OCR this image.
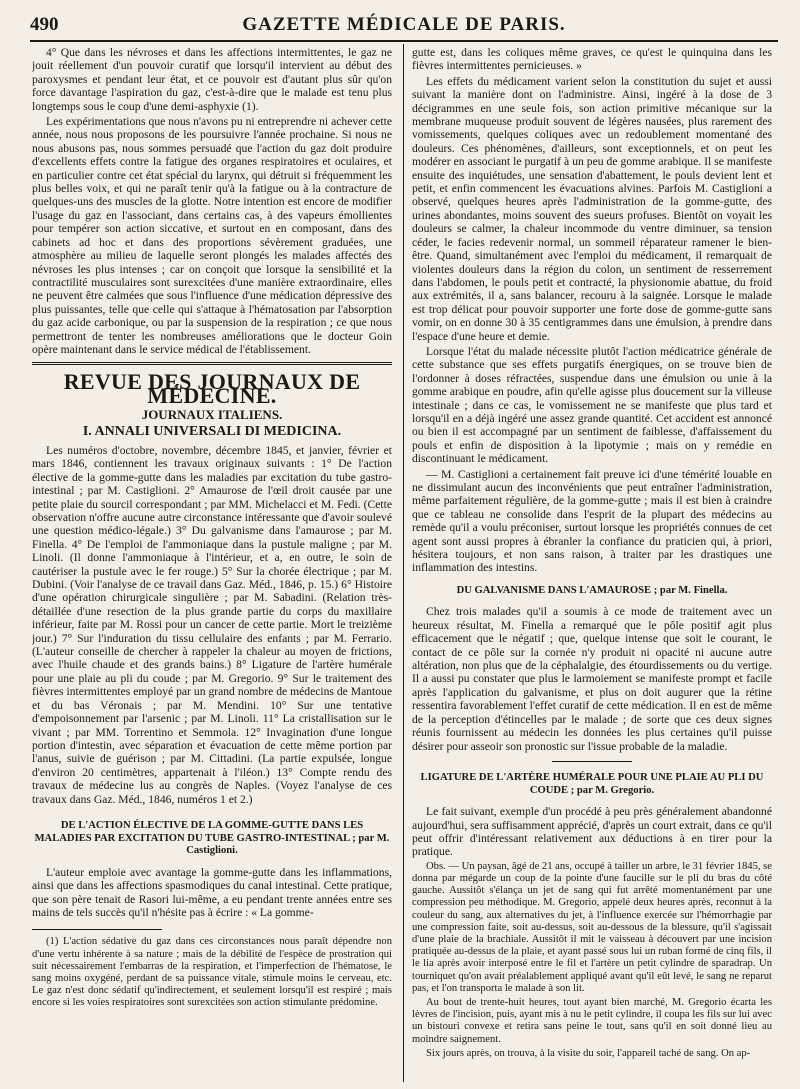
490	GAZETTE MÉDICALE DE PARIS.

4° Que dans les névroses et dans les affections intermittentes, le gaz ne jouit réellement d'un pouvoir curatif que lorsqu'il intervient au début des paroxysmes et pendant leur état, et ce pouvoir est d'autant plus sûr qu'on force davantage l'aspiration du gaz, c'est-à-dire que le malade est tenu plus longtemps sous le coup d'une demi-asphyxie (1).

Les expérimentations que nous n'avons pu ni entreprendre ni achever cette année, nous nous proposons de les poursuivre l'année prochaine. Si nous ne nous abusons pas, nous sommes persuadé que l'action du gaz doit produire d'excellents effets contre la fatigue des organes respiratoires et oculaires, et en particulier contre cet état spécial du larynx, qui détruit si fréquemment les plus belles voix, et qui ne paraît tenir qu'à la fatigue ou à la contracture de quelques-uns des muscles de la glotte. Notre intention est encore de modifier l'usage du gaz en l'associant, dans certains cas, à des vapeurs émollientes pour tempérer son action siccative, et surtout en en composant, dans des cabinets ad hoc et dans des proportions sévèrement graduées, une atmosphère au milieu de laquelle seront plongés les malades affectés des névroses les plus intenses ; car on conçoit que lorsque la sensibilité et la contractilité musculaires sont surexcitées d'une manière extraordinaire, elles ne peuvent être calmées que sous l'influence d'une médication dépressive des plus puissantes, telle que celle qui s'attaque à l'hématosation par l'absorption du gaz acide carbonique, ou par la suspension de la respiration ; ce que nous permettront de tenter les nombreuses améliorations que le docteur Goin opère maintenant dans le service médical de l'établissement.

REVUE DES JOURNAUX DE MÉDECINE.
JOURNAUX ITALIENS.
I. ANNALI UNIVERSALI DI MEDICINA.

Les numéros d'octobre, novembre, décembre 1845, et janvier, février et mars 1846, contiennent les travaux originaux suivants : 1° De l'action élective de la gomme-gutte dans les maladies par excitation du tube gastro-intestinal ; par M. Castiglioni. 2° Amaurose de l'œil droit causée par une petite plaie du sourcil correspondant ; par MM. Michelacci et M. Fedi. (Cette observation n'offre aucune autre circonstance intéressante que d'avoir soulevé une question médico-légale.) 3° Du galvanisme dans l'amaurose ; par M. Finella. 4° De l'emploi de l'ammoniaque dans la pustule maligne ; par M. Linoli. (Il donne l'ammoniaque à l'intérieur, et a, en outre, le soin de cautériser la pustule avec le fer rouge.) 5° Sur la chorée électrique ; par M. Dubini. (Voir l'analyse de ce travail dans Gaz. Méd., 1846, p. 15.) 6° Histoire d'une opération chirurgicale singulière ; par M. Sabadini. (Relation très-détaillée d'une resection de la plus grande partie du corps du maxillaire inférieur, faite par M. Rossi pour un cancer de cette partie. Mort le treizième jour.) 7° Sur l'induration du tissu cellulaire des enfants ; par M. Ferrario. (L'auteur conseille de chercher à rappeler la chaleur au moyen de frictions, avec l'huile chaude et des grands bains.) 8° Ligature de l'artère humérale pour une plaie au pli du coude ; par M. Gregorio. 9° Sur le traitement des fièvres intermittentes employé par un grand nombre de médecins de Mantoue et du bas Véronais ; par M. Mendini. 10° Sur une tentative d'empoisonnement par l'arsenic ; par M. Linoli. 11° La cristallisation sur le vivant ; par MM. Torrentino et Semmola. 12° Invagination d'une longue portion d'intestin, avec séparation et évacuation de cette même portion par l'anus, suivie de guérison ; par M. Cittadini. (La partie expulsée, longue d'environ 20 centimètres, appartenait à l'iléon.) 13° Compte rendu des travaux de médecine lus au congrès de Naples. (Voyez l'analyse de ces travaux dans Gaz. Méd., 1846, numéros 1 et 2.)

DE L'ACTION ÉLECTIVE DE LA GOMME-GUTTE DANS LES MALADIES PAR EXCITATION DU TUBE GASTRO-INTESTINAL ; par M. Castiglioni.

L'auteur emploie avec avantage la gomme-gutte dans les inflammations, ainsi que dans les affections spasmodiques du canal intestinal. Cette pratique, que son père tenait de Rasori lui-même, a eu pendant trente années entre ses mains de tels succès qu'il n'hésite pas à écrire : « La gomme-

(1) L'action sédative du gaz dans ces circonstances nous paraît dépendre non d'une vertu inhérente à sa nature ; mais de la débilité de l'espèce de prostration qui suit nécessairement l'embarras de la respiration, et l'imperfection de l'hématose, le sang moins oxygéné, perdant de sa puissance vitale, stimule moins le cerveau, etc. Le gaz n'est donc sédatif qu'indirectement, et seulement lorsqu'il est respiré ; mais encore si les voies respiratoires sont surexcitées son action stimulante prédomine.

gutte est, dans les coliques même graves, ce qu'est le quinquina dans les fièvres intermittentes pernicieuses. »

Les effets du médicament varient selon la constitution du sujet et aussi suivant la manière dont on l'administre. Ainsi, ingéré à la dose de 3 décigrammes en une seule fois, son action primitive mécanique sur la membrane muqueuse produit souvent de légères nausées, plus rarement des vomissements, quelques coliques avec un redoublement momentané des douleurs. Ces phénomènes, d'ailleurs, sont exceptionnels, et on peut les modérer en associant le purgatif à un peu de gomme arabique. Il se manifeste ensuite des inquiétudes, une sensation d'abattement, le pouls devient lent et petit, et enfin commencent les évacuations alvines. Parfois M. Castiglioni a observé, quelques heures après l'administration de la gomme-gutte, des urines abondantes, moins souvent des sueurs profuses. Bientôt on voyait les douleurs se calmer, la chaleur incommode du ventre diminuer, sa tension céder, le facies redevenir normal, un sommeil réparateur ramener le bien-être. Quand, simultanément avec l'emploi du médicament, il remarquait de violentes douleurs dans la région du colon, un sentiment de resserrement dans l'abdomen, le pouls petit et contracté, la physionomie abattue, du froid aux extrémités, il a, sans balancer, recouru à la saignée. Lorsque le malade est trop délicat pour pouvoir supporter une forte dose de gomme-gutte sans vomir, on en donne 30 à 35 centigrammes dans une émulsion, à prendre dans l'espace d'une heure et demie.

Lorsque l'état du malade nécessite plutôt l'action médicatrice générale de cette substance que ses effets purgatifs énergiques, on se trouve bien de l'ordonner à doses réfractées, suspendue dans une émulsion ou unie à la gomme arabique en poudre, afin qu'elle agisse plus doucement sur la villeuse intestinale ; dans ce cas, le vomissement ne se manifeste que plus tard et lorsqu'il en a déjà ingéré une assez grande quantité. Cet accident est annoncé ou bien il est accompagné par un sentiment de faiblesse, d'affaissement du pouls et enfin de disposition à la lipotymie ; mais on y remédie en discontinuant le médicament.

— M. Castiglioni a certainement fait preuve ici d'une témérité louable en ne dissimulant aucun des inconvénients que peut entraîner l'administration, même parfaitement régulière, de la gomme-gutte ; mais il est bien à craindre que ce tableau ne consolide dans l'esprit de la plupart des médecins au remède qu'il a voulu préconiser, surtout lorsque les propriétés connues de cet agent sont aussi propres à ébranler la confiance du praticien qui, à priori, hésitera toujours, et non sans raison, à traiter par les drastiques une inflammation des intestins.

DU GALVANISME DANS L'AMAUROSE ; par M. Finella.

Chez trois malades qu'il a soumis à ce mode de traitement avec un heureux résultat, M. Finella a remarqué que le pôle positif agit plus efficacement que le négatif ; que, quelque intense que soit le courant, le contact de ce pôle sur la cornée n'y produit ni opacité ni aucune autre altération, non plus que de la céphalalgie, des étourdissements ou du vertige. Il a aussi pu constater que plus le larmoiement se manifeste prompt et facile après l'application du galvanisme, et plus on doit augurer que la rétine ressentira favorablement l'effet curatif de cette médication. Il en est de même de la perception d'étincelles par le malade ; de sorte que ces deux signes réunis fournissent au médecin les données les plus certaines qu'il puisse désirer pour asseoir son pronostic sur l'issue probable de la maladie.

LIGATURE DE L'ARTÈRE HUMÉRALE POUR UNE PLAIE AU PLI DU COUDE ; par M. Gregorio.

Le fait suivant, exemple d'un procédé à peu près généralement abandonné aujourd'hui, sera suffisamment apprécié, d'après un court extrait, dans ce qu'il peut offrir d'intéressant relativement aux déductions à en tirer pour la pratique.

Obs. — Un paysan, âgé de 21 ans, occupé à tailler un arbre, le 31 février 1845, se donna par mégarde un coup de la pointe d'une faucille sur le pli du bras du côté gauche. Aussitôt s'élança un jet de sang qui fut arrêté momentanément par une compression peu méthodique. M. Gregorio, appelé deux heures après, reconnut à la couleur du sang, aux alternatives du jet, à l'influence exercée sur l'hémorrhagie par une compression faite, soit au-dessus, soit au-dessous de la blessure, qu'il s'agissait d'une plaie de la brachiale. Aussitôt il mit le vaisseau à découvert par une incision pratiquée au-dessus de la plaie, et ayant passé sous lui un ruban formé de cinq fils, il le lia après avoir interposé entre le fil et l'artère un petit cylindre de sparadrap. Un tourniquet qu'on avait préalablement appliqué avant qu'il eût levé, le sang ne reparut pas, et l'on transporta le malade à son lit.

Au bout de trente-huit heures, tout ayant bien marché, M. Gregorio écarta les lèvres de l'incision, puis, ayant mis à nu le petit cylindre, il coupa les fils sur lui avec un bistouri convexe et retira sans peine le tout, sans qu'il en soit donné lieu au moindre saignement.

Six jours après, on trouva, à la visite du soir, l'appareil taché de sang. On ap-
